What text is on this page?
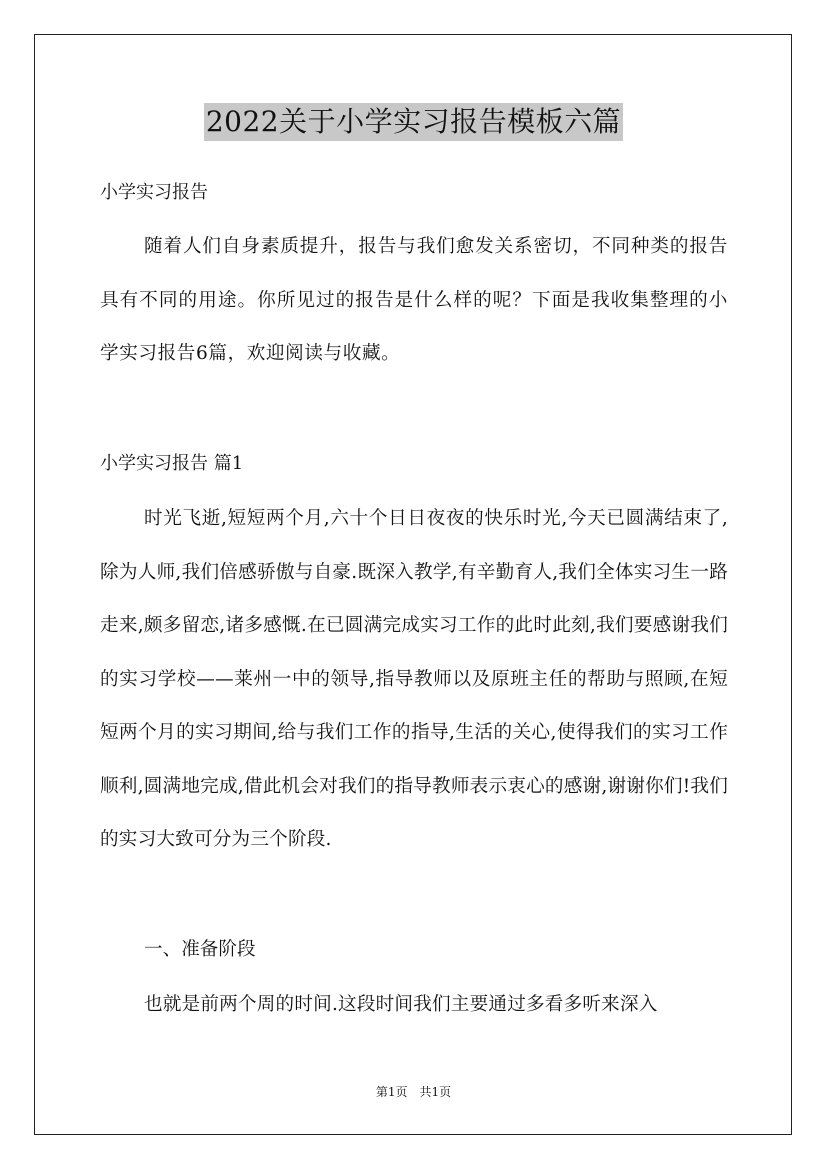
2022关于小学实习报告模板六篇
小学实习报告
随着人们自身素质提升，报告与我们愈发关系密切，不同种类的报告具有不同的用途。你所见过的报告是什么样的呢？下面是我收集整理的小学实习报告6篇，欢迎阅读与收藏。
小学实习报告 篇1
时光飞逝,短短两个月,六十个日日夜夜的快乐时光,今天已圆满结束了,除为人师,我们倍感骄傲与自豪.既深入教学,有辛勤育人,我们全体实习生一路走来,颇多留恋,诸多感慨.在已圆满完成实习工作的此时此刻,我们要感谢我们的实习学校——莱州一中的领导,指导教师以及原班主任的帮助与照顾,在短短两个月的实习期间,给与我们工作的指导,生活的关心,使得我们的实习工作顺利,圆满地完成,借此机会对我们的指导教师表示衷心的感谢,谢谢你们!我们的实习大致可分为三个阶段.
一、准备阶段
也就是前两个周的时间.这段时间我们主要通过多看多听来深入
第1页　共1页
